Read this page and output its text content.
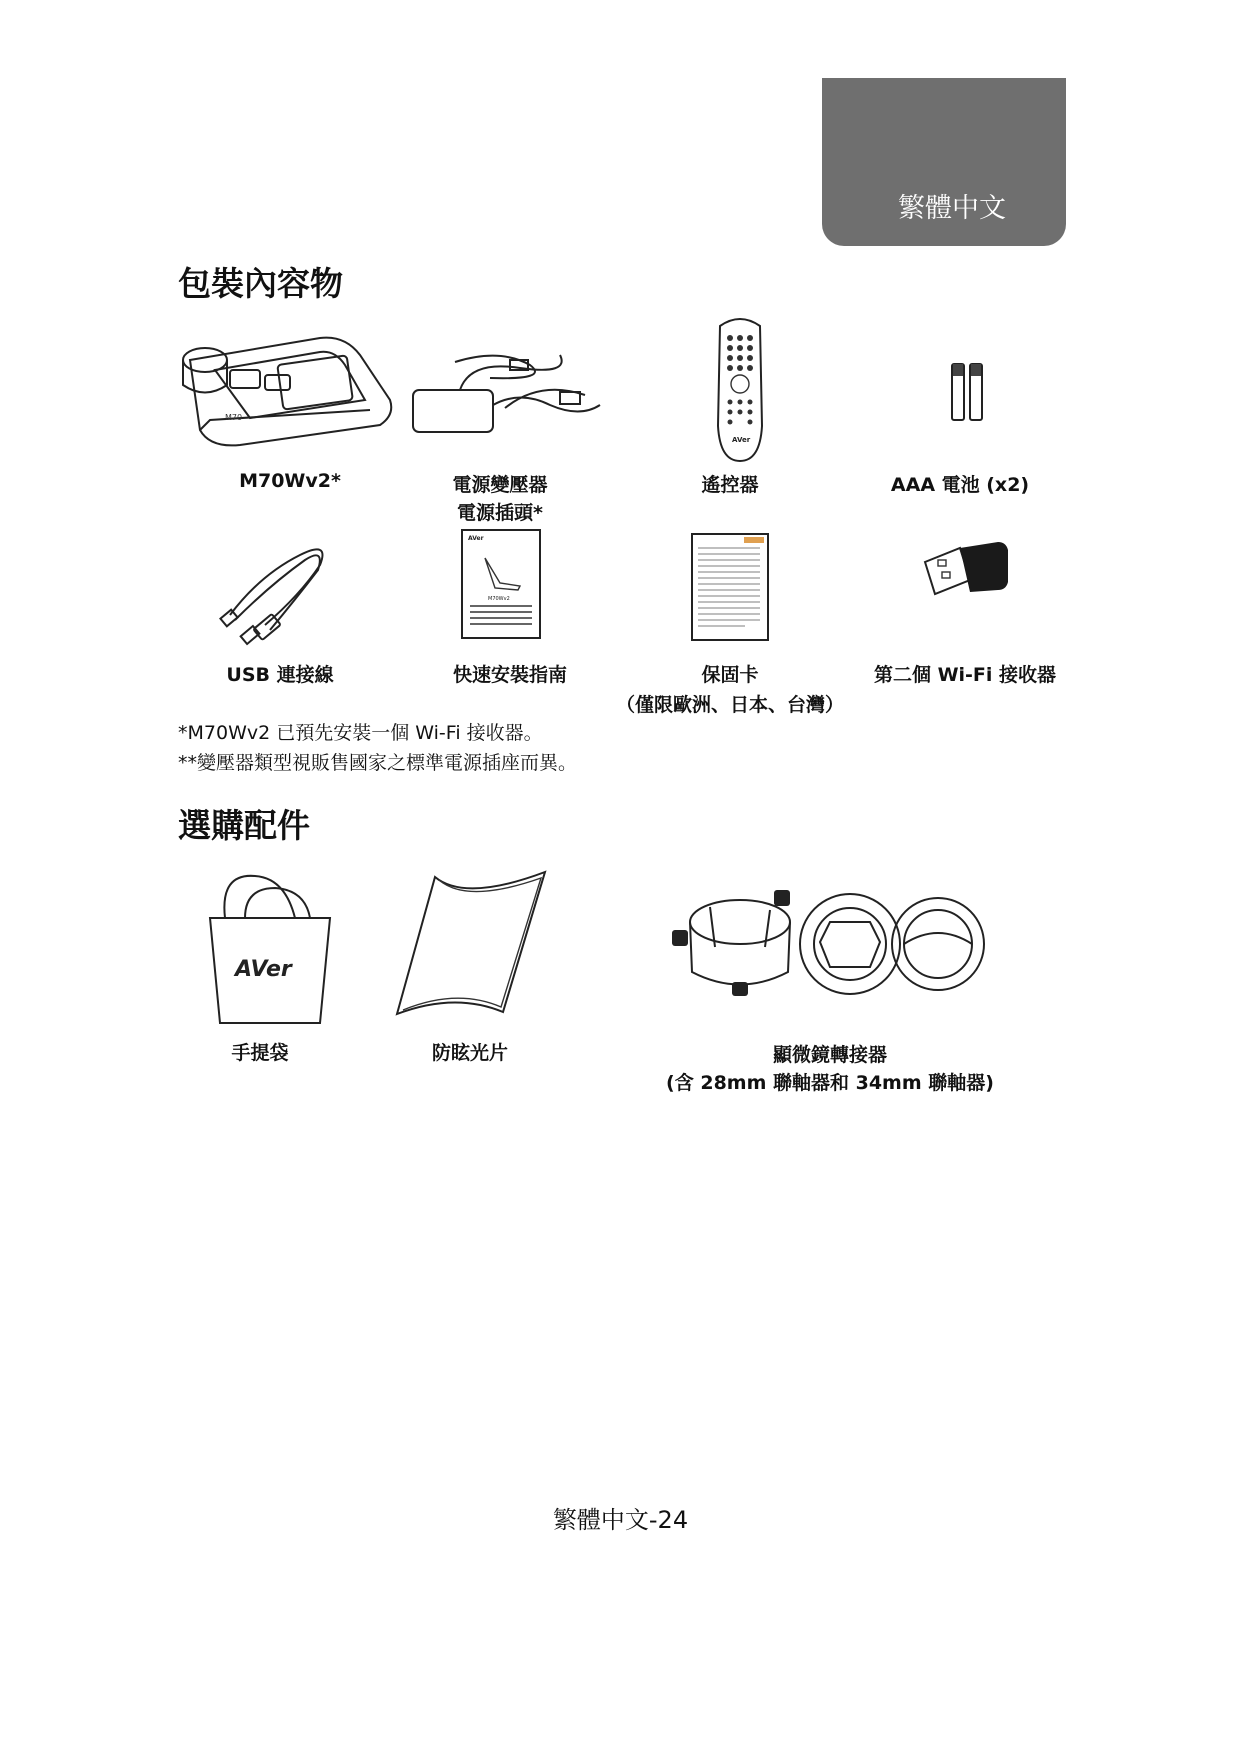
繁體中文
包裝內容物
M70
AVer
M70Wv2*	電源變壓器
電源插頭*
遙控器	AAA 電池 (x2)
AVer
M70Wv2
USB 連接線	快速安裝指南	保固卡
（僅限歐洲、日本、台灣）
第二個 Wi-Fi 接收器
*M70Wv2 已預先安裝一個 Wi-Fi 接收器。
**變壓器類型視販售國家之標準電源插座而異。
選購配件
AVer
手提袋	防眩光片	顯微鏡轉接器
(含 28mm 聯軸器和 34mm 聯軸器)
繁體中文-24
